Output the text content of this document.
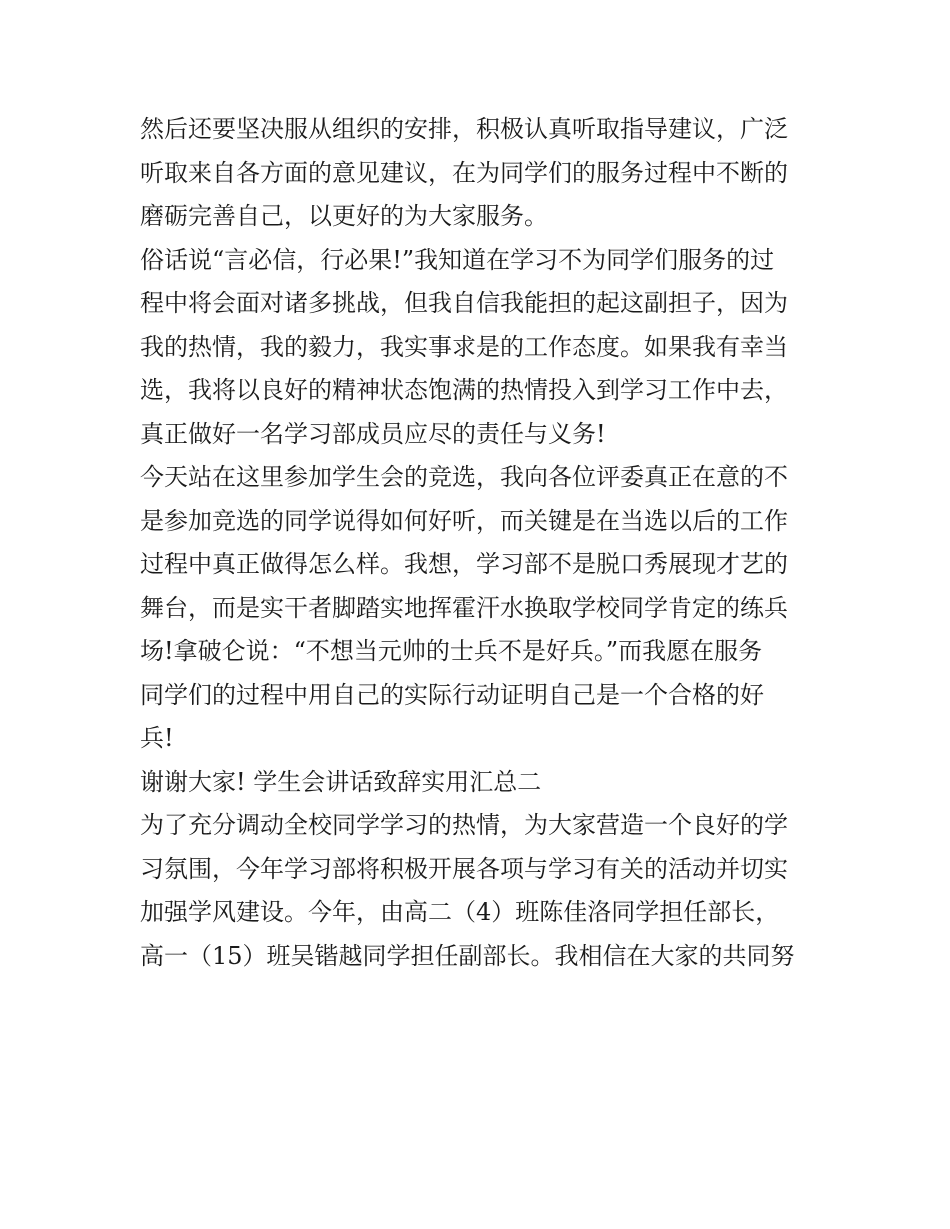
然后还要坚决服从组织的安排，积极认真听取指导建议，广泛
听取来自各方面的意见建议，在为同学们的服务过程中不断的
磨砺完善自己，以更好的为大家服务。
俗话说“言必信，行必果!”我知道在学习不为同学们服务的过
程中将会面对诸多挑战，但我自信我能担的起这副担子，因为
我的热情，我的毅力，我实事求是的工作态度。如果我有幸当
选，我将以良好的精神状态饱满的热情投入到学习工作中去，
真正做好一名学习部成员应尽的责任与义务!
今天站在这里参加学生会的竞选，我向各位评委真正在意的不
是参加竞选的同学说得如何好听，而关键是在当选以后的工作
过程中真正做得怎么样。我想，学习部不是脱口秀展现才艺的
舞台，而是实干者脚踏实地挥霍汗水换取学校同学肯定的练兵
场!拿破仑说：“不想当元帅的士兵不是好兵。”而我愿在服务
同学们的过程中用自己的实际行动证明自己是一个合格的好
兵!
谢谢大家! 学生会讲话致辞实用汇总二
为了充分调动全校同学学习的热情，为大家营造一个良好的学
习氛围，今年学习部将积极开展各项与学习有关的活动并切实
加强学风建设。今年，由高二（4）班陈佳洛同学担任部长，
高一（15）班吴锴越同学担任副部长。我相信在大家的共同努
